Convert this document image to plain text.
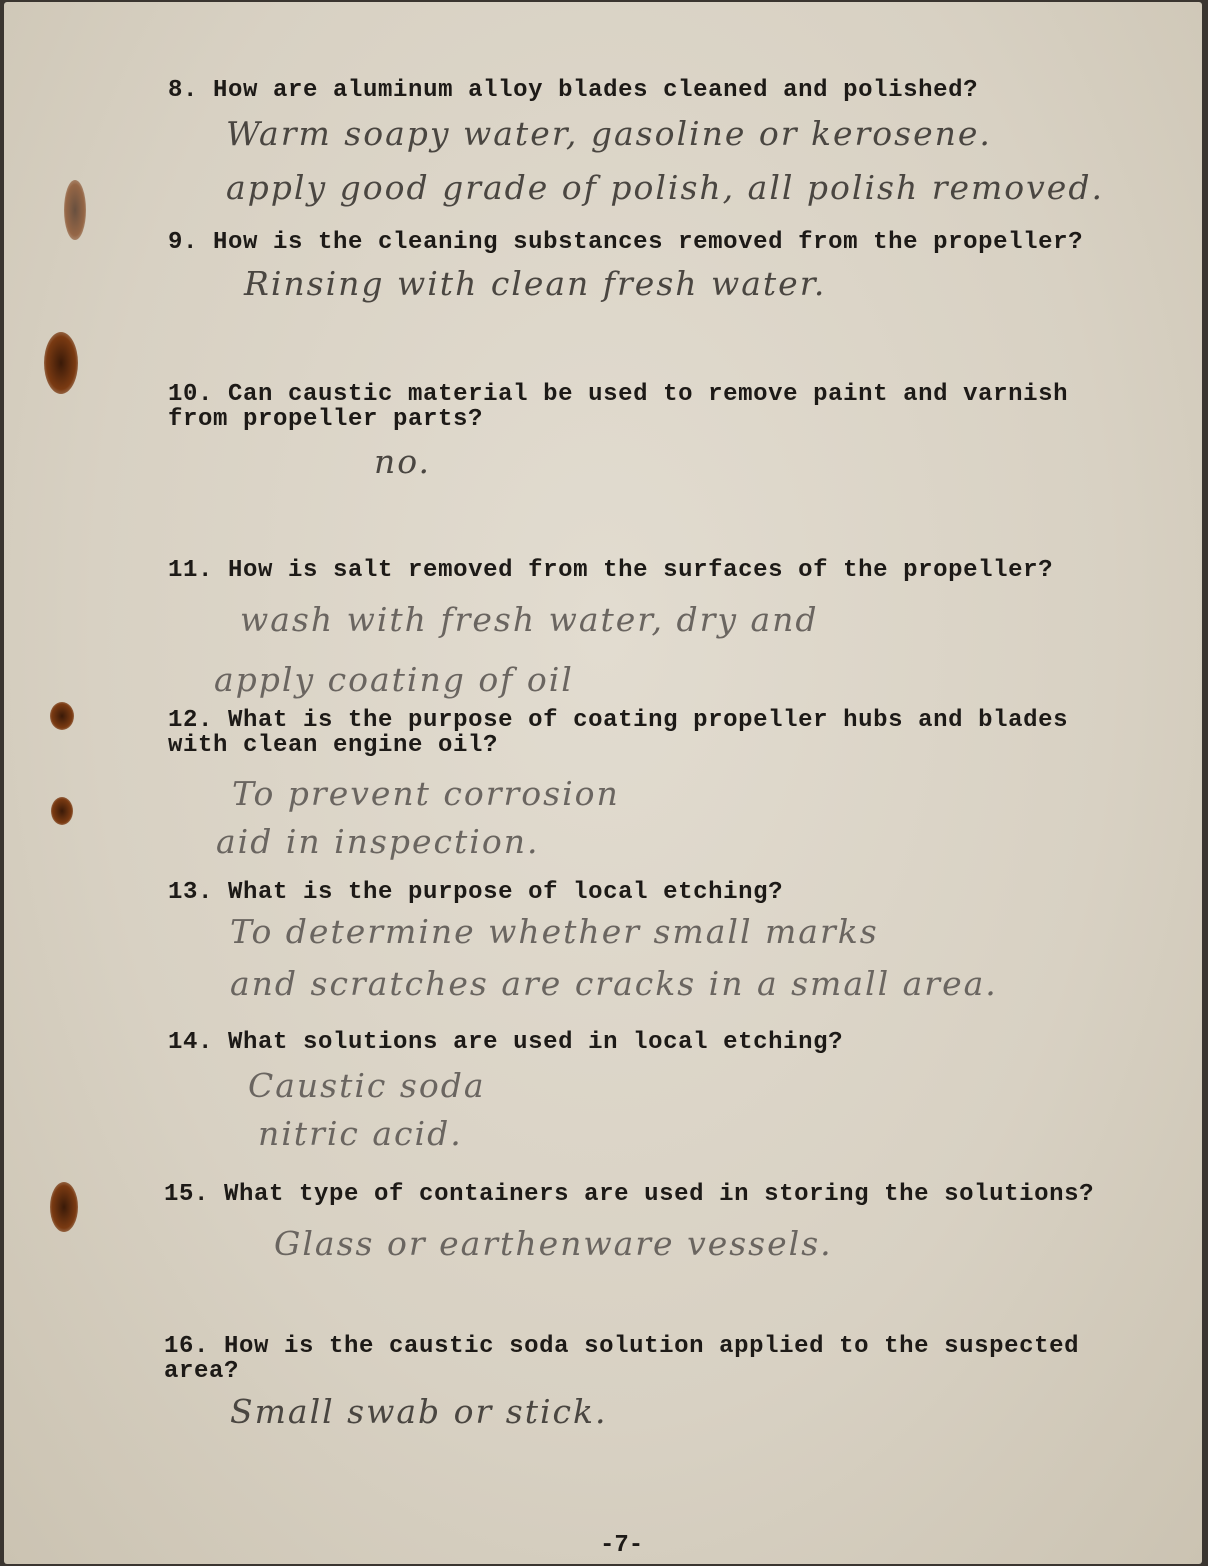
8. How are aluminum alloy blades cleaned and polished?
Warm soapy water, gasoline or kerosene.
apply good grade of polish, all polish removed.
9. How is the cleaning substances removed from the propeller?
Rinsing with clean fresh water.
10. Can caustic material be used to remove paint and varnish
from propeller parts?
no.
11. How is salt removed from the surfaces of the propeller?
wash with fresh water, dry and
apply coating of oil
12. What is the purpose of coating propeller hubs and blades
with clean engine oil?
To prevent corrosion
aid in inspection.
13. What is the purpose of local etching?
To determine whether small marks
and scratches are cracks in a small area.
14. What solutions are used in local etching?
Caustic soda
nitric acid.
15. What type of containers are used in storing the solutions?
Glass or earthenware vessels.
16. How is the caustic soda solution applied to the suspected
area?
Small swab or stick.
-7-
